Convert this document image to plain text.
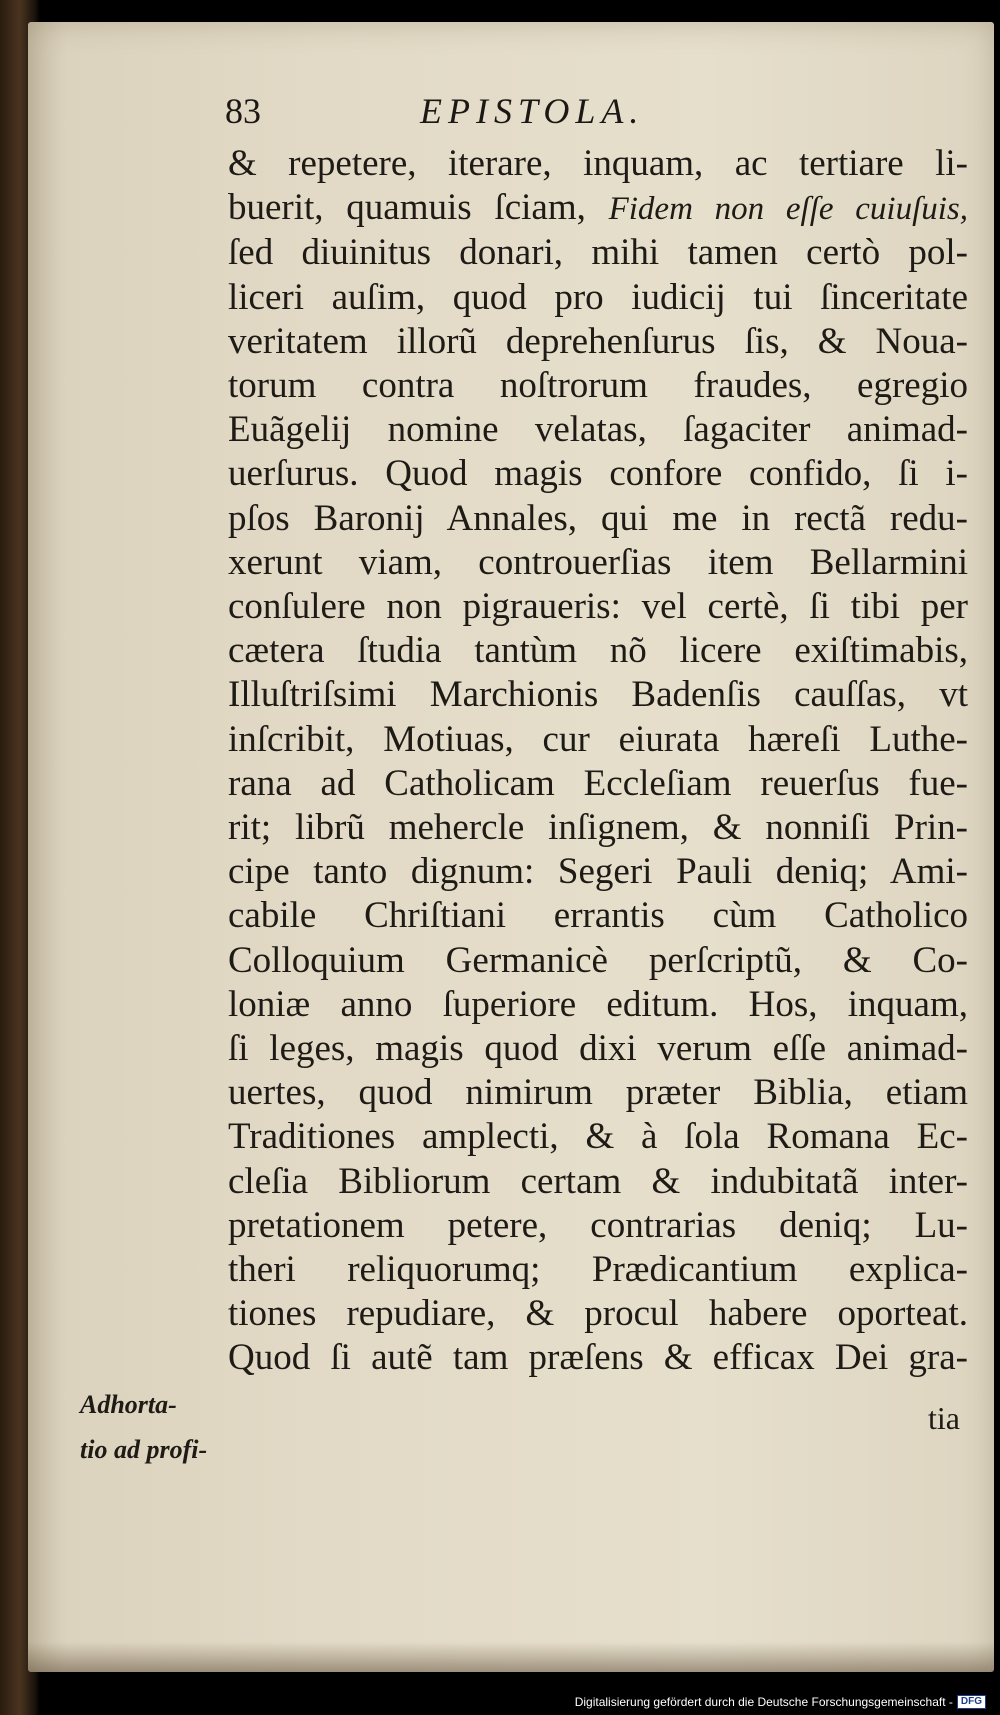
83	EPISTOLA.
& repetere, iterare, inquam, ac tertiare li-
buerit, quamuis ſciam, Fidem non eſſe cuiuſuis,
ſed diuinitus donari, mihi tamen certò pol-
liceri auſim, quod pro iudicij tui ſinceritate
veritatem illorũ deprehenſurus ſis, & Noua-
torum contra noſtrorum fraudes, egregio
Euãgelij nomine velatas, ſagaciter animad-
uerſurus. Quod magis confore confido, ſi i-
pſos Baronij Annales, qui me in rectã redu-
xerunt viam, controuerſias item Bellarmini
conſulere non pigraueris: vel certè, ſi tibi per
cætera ſtudia tantùm nõ licere exiſtimabis,
Illuſtriſsimi Marchionis Badenſis cauſſas, vt
inſcribit, Motiuas, cur eiurata hæreſi Luthe-
rana ad Catholicam Eccleſiam reuerſus fue-
rit; librũ mehercle inſignem, & nonniſi Prin-
cipe tanto dignum: Segeri Pauli deniq; Ami-
cabile Chriſtiani errantis cùm Catholico
Colloquium Germanicè perſcriptũ, & Co-
loniæ anno ſuperiore editum. Hos, inquam,
ſi leges, magis quod dixi verum eſſe animad-
uertes, quod nimirum præter Biblia, etiam
Traditiones amplecti, & à ſola Romana Ec-
cleſia Bibliorum certam & indubitatã inter-
pretationem petere, contrarias deniq; Lu-
theri reliquorumq; Prædicantium explica-
tiones repudiare, & procul habere oporteat.
Quod ſi autẽ tam præſens & efficax Dei gra-
tia
Adhorta-
tio ad profi-
Digitalisierung gefördert durch die Deutsche Forschungsgemeinschaft - DFG
